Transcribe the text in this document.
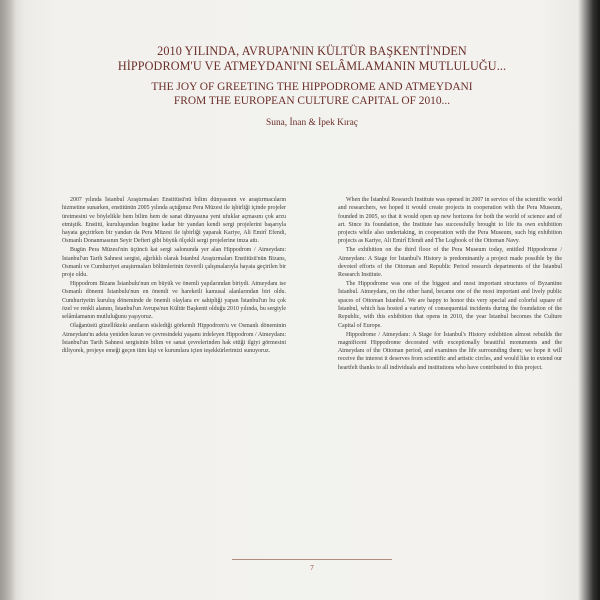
2010 YILINDA, AVRUPA'NIN KÜLTÜR BAŞKENTİ'NDEN
HİPPODROM'U VE ATMEYDANI'NI SELÂMLAMANIN MUTLULUĞU...
THE JOY OF GREETING THE HIPPODROME AND ATMEYDANI
FROM THE EUROPEAN CULTURE CAPITAL OF 2010...
Suna, İnan & İpek Kıraç

2007 yılında İstanbul Araştırmaları Enstitüsü'nü bilim dünyasının ve araştırmacıların hizmetine sunarken, enstitünün 2005 yılında açtığımız Pera Müzesi ile işbirliği içinde projeler üretmesini ve böylelikle hem bilim hem de sanat dünyasına yeni ufuklar açmasını çok arzu etmiştik. Enstitü, kuruluşundan bugüne kadar bir yandan kendi sergi projelerini başarıyla hayata geçirirken bir yandan da Pera Müzesi ile işbirliği yaparak Kariye, Ali Emirî Efendi, Osmanlı Donanmasının Seyir Defteri gibi büyük ölçekli sergi projelerine imza attı.

Bugün Pera Müzesi'nin üçüncü kat sergi salonunda yer alan Hippodrom / Atmeydanı: İstanbul'un Tarih Sahnesi sergisi, ağırlıklı olarak İstanbul Araştırmaları Enstitüsü'nün Bizans, Osmanlı ve Cumhuriyet araştırmaları bölümlerinin özverili çalışmalarıyla hayata geçirilen bir proje oldu.

Hippodrom Bizans İstanbulu'nun en büyük ve önemli yapılarından biriydi. Atmeydanı ise Osmanlı dönemi İstanbulu'nun en önemli ve hareketli kamusal alanlarından biri oldu. Cumhuriyetin kuruluş döneminde de önemli olaylara ev sahipliği yapan İstanbul'un bu çok özel ve renkli alanını, İstanbul'un Avrupa'nın Kültür Başkenti olduğu 2010 yılında, bu sergiyle selâmlamanın mutluluğunu yaşıyoruz.

Olağanüstü güzellikteki anıtların süslediği görkemli Hippodrom'u ve Osmanlı döneminin Atmeydanı'nı adeta yeniden kuran ve çevresindeki yaşamı irdeleyen Hippodrom / Atmeydanı: İstanbul'un Tarih Sahnesi sergisinin bilim ve sanat çevrelerinden hak ettiği ilgiyi görmesini diliyorek, projeye emeği geçen tüm kişi ve kurumlara içten teşekkürlerimizi sunuyoruz.

When the İstanbul Research Institute was opened in 2007 in service of the scientific world and researchers, we hoped it would create projects in cooperation with the Pera Museum, founded in 2005, so that it would open up new horizons for both the world of science and of art. Since its foundation, the Institute has successfully brought to life its own exhibition projects while also undertaking, in cooperation with the Pera Museum, such big exhibition projects as Kariye, Ali Emirî Efendi and The Logbook of the Ottoman Navy.

The exhibition on the third floor of the Pera Museum today, entitled Hippodrome / Atmeydanı: A Stage for İstanbul's History is predominantly a project made possible by the devoted efforts of the Ottoman and Republic Period research departments of the İstanbul Research Institute.

The Hippodrome was one of the biggest and most important structures of Byzantine İstanbul. Atmeydanı, on the other hand, became one of the most important and lively public spaces of Ottoman İstanbul. We are happy to honor this very special and colorful square of İstanbul, which has hosted a variety of consequential incidents during the foundation of the Republic, with this exhibition that opens in 2010, the year İstanbul becomes the Culture Capital of Europe.

Hippodrome / Atmeydanı: A Stage for İstanbul's History exhibition almost rebuilds the magnificent Hippodrome decorated with exceptionally beautiful monuments and the Atmeydanı of the Ottoman period, and examines the life surrounding them; we hope it will receive the interest it deserves from scientific and artistic circles, and would like to extend our heartfelt thanks to all individuals and institutions who have contributed to this project.

7
